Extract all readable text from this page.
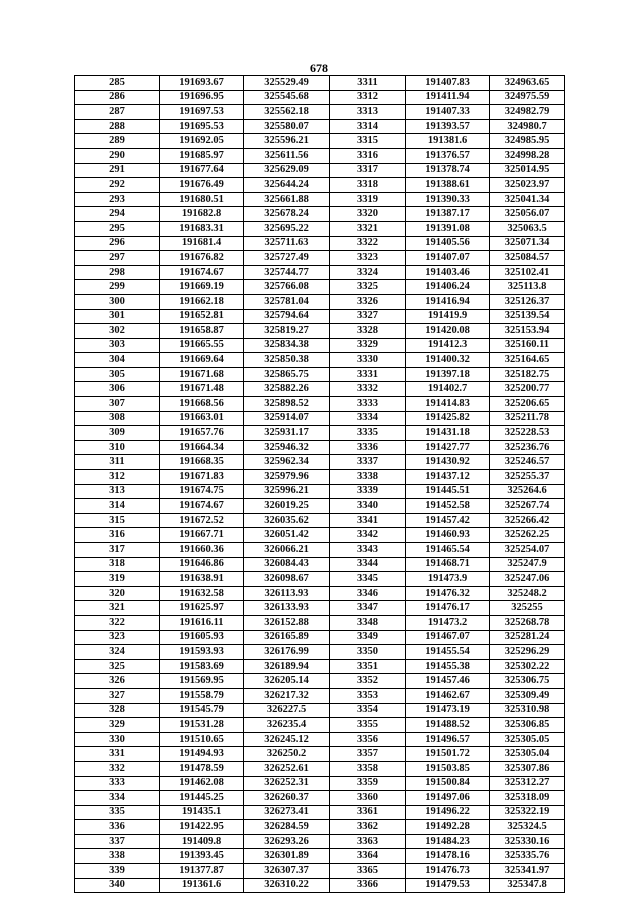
678
285	191693.67	325529.49	3311	191407.83	324963.65
286	191696.95	325545.68	3312	191411.94	324975.59
287	191697.53	325562.18	3313	191407.33	324982.79
288	191695.53	325580.07	3314	191393.57	324980.7
289	191692.05	325596.21	3315	191381.6	324985.95
290	191685.97	325611.56	3316	191376.57	324998.28
291	191677.64	325629.09	3317	191378.74	325014.95
292	191676.49	325644.24	3318	191388.61	325023.97
293	191680.51	325661.88	3319	191390.33	325041.34
294	191682.8	325678.24	3320	191387.17	325056.07
295	191683.31	325695.22	3321	191391.08	325063.5
296	191681.4	325711.63	3322	191405.56	325071.34
297	191676.82	325727.49	3323	191407.07	325084.57
298	191674.67	325744.77	3324	191403.46	325102.41
299	191669.19	325766.08	3325	191406.24	325113.8
300	191662.18	325781.04	3326	191416.94	325126.37
301	191652.81	325794.64	3327	191419.9	325139.54
302	191658.87	325819.27	3328	191420.08	325153.94
303	191665.55	325834.38	3329	191412.3	325160.11
304	191669.64	325850.38	3330	191400.32	325164.65
305	191671.68	325865.75	3331	191397.18	325182.75
306	191671.48	325882.26	3332	191402.7	325200.77
307	191668.56	325898.52	3333	191414.83	325206.65
308	191663.01	325914.07	3334	191425.82	325211.78
309	191657.76	325931.17	3335	191431.18	325228.53
310	191664.34	325946.32	3336	191427.77	325236.76
311	191668.35	325962.34	3337	191430.92	325246.57
312	191671.83	325979.96	3338	191437.12	325255.37
313	191674.75	325996.21	3339	191445.51	325264.6
314	191674.67	326019.25	3340	191452.58	325267.74
315	191672.52	326035.62	3341	191457.42	325266.42
316	191667.71	326051.42	3342	191460.93	325262.25
317	191660.36	326066.21	3343	191465.54	325254.07
318	191646.86	326084.43	3344	191468.71	325247.9
319	191638.91	326098.67	3345	191473.9	325247.06
320	191632.58	326113.93	3346	191476.32	325248.2
321	191625.97	326133.93	3347	191476.17	325255
322	191616.11	326152.88	3348	191473.2	325268.78
323	191605.93	326165.89	3349	191467.07	325281.24
324	191593.93	326176.99	3350	191455.54	325296.29
325	191583.69	326189.94	3351	191455.38	325302.22
326	191569.95	326205.14	3352	191457.46	325306.75
327	191558.79	326217.32	3353	191462.67	325309.49
328	191545.79	326227.5	3354	191473.19	325310.98
329	191531.28	326235.4	3355	191488.52	325306.85
330	191510.65	326245.12	3356	191496.57	325305.05
331	191494.93	326250.2	3357	191501.72	325305.04
332	191478.59	326252.61	3358	191503.85	325307.86
333	191462.08	326252.31	3359	191500.84	325312.27
334	191445.25	326260.37	3360	191497.06	325318.09
335	191435.1	326273.41	3361	191496.22	325322.19
336	191422.95	326284.59	3362	191492.28	325324.5
337	191409.8	326293.26	3363	191484.23	325330.16
338	191393.45	326301.89	3364	191478.16	325335.76
339	191377.87	326307.37	3365	191476.73	325341.97
340	191361.6	326310.22	3366	191479.53	325347.8
